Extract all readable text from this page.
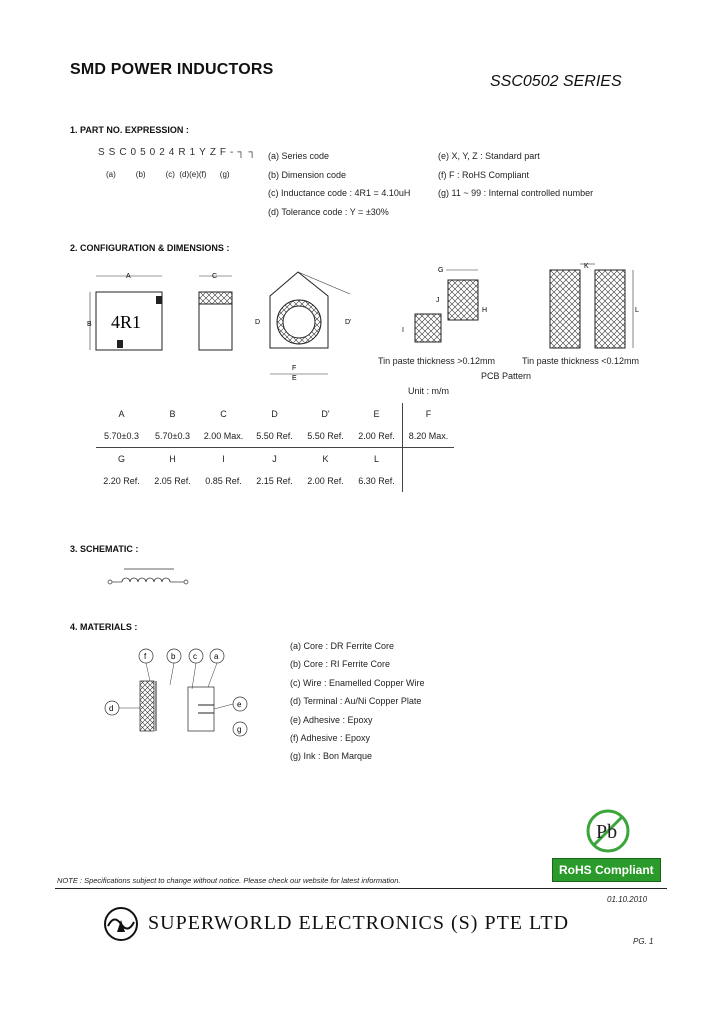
SMD POWER INDUCTORS
SSC0502 SERIES
1. PART NO. EXPRESSION :
SSC05024R1YZF-┐┐
(a)         (b)         (c)  (d)(e)(f)      (g)
(a) Series code
(b) Dimension code
(c) Inductance code : 4R1 = 4.10uH
(d) Tolerance code : Y = ±30%
(e) X, Y, Z : Standard part
(f) F : RoHS Compliant
(g) 11 ~ 99 : Internal controlled number
2. CONFIGURATION & DIMENSIONS :
A
4R1
B
C
D	D'
F
E
G
H
I
J
K
L
Tin paste thickness >0.12mm	Tin paste thickness <0.12mm
PCB Pattern
Unit : m/m
A	B	C	D	D'	E	F
5.70±0.3	5.70±0.3	2.00 Max.	5.50 Ref.	5.50 Ref.	2.00 Ref.	8.20 Max.
G	H	I	J	K	L	
2.20 Ref.	2.05 Ref.	0.85 Ref.	2.15 Ref.	2.00 Ref.	6.30 Ref.	
3. SCHEMATIC :
4. MATERIALS :
f	b c a
d	e
g
(a) Core : DR Ferrite Core
(b) Core : RI Ferrite Core
(c) Wire : Enamelled Copper Wire
(d) Terminal : Au/Ni Copper Plate
(e) Adhesive : Epoxy
(f) Adhesive : Epoxy
(g) Ink : Bon Marque
Pb
RoHS Compliant
NOTE : Specifications subject to change without notice. Please check our website for latest information.
01.10.2010
SUPERWORLD ELECTRONICS (S) PTE LTD
PG. 1
